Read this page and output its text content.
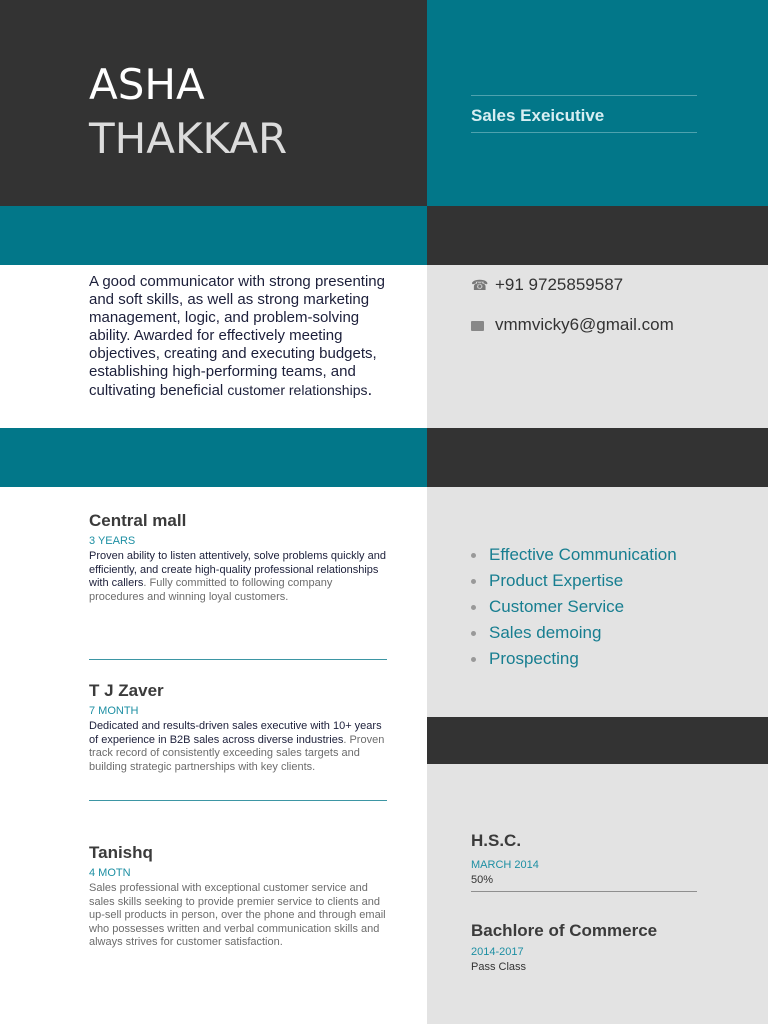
ASHA
THAKKAR	Sales Exeicutive
A good communicator with strong presenting and soft skills, as well as strong marketing management, logic, and problem-solving ability. Awarded for effectively meeting objectives, creating and executing budgets, establishing high-performing teams, and cultivating beneficial customer relationships.
☎ +91 9725859587
vmmvicky6@gmail.com
Central mall
3 YEARS

Proven ability to listen attentively, solve problems quickly and efficiently, and create high-quality professional relationships with callers. Fully committed to following company procedures and winning loyal customers.

T J Zaver
7 MONTH

Dedicated and results-driven sales executive with 10+ years of experience in B2B sales across diverse industries. Proven track record of consistently exceeding sales targets and building strategic partnerships with key clients.

Tanishq
4 MOTN

Sales professional with exceptional customer service and sales skills seeking to provide premier service to clients and up-sell products in person, over the phone and through email who possesses written and verbal communication skills and always strives for customer satisfaction.

Effective Communication
Product Expertise
Customer Service
Sales demoing
Prospecting
H.S.C.
MARCH 2014
50%
Bachlore of Commerce
2014-2017
Pass Class
